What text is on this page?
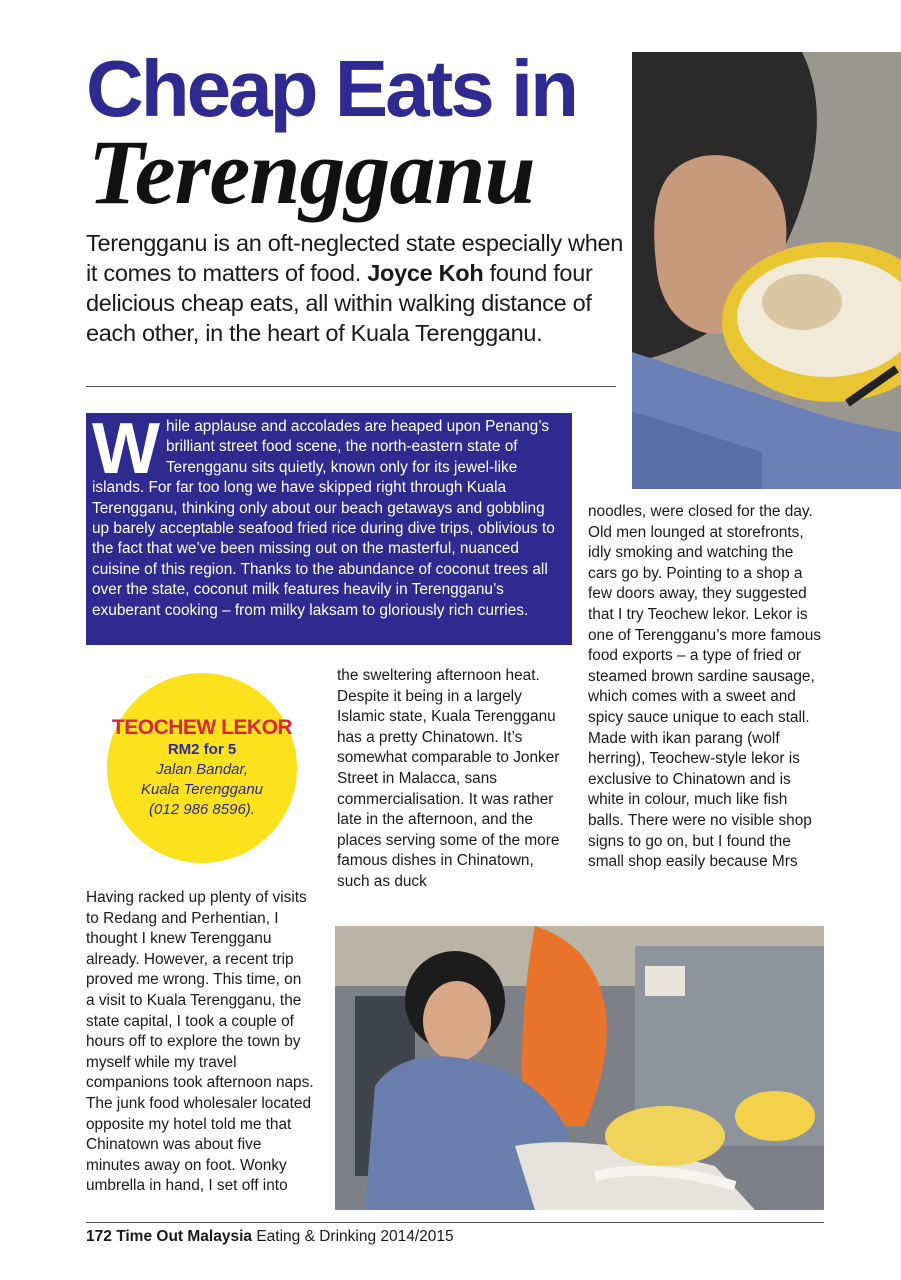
Cheap Eats in
Terengganu

Terengganu is an oft-neglected state especially when it comes to matters of food. Joyce Koh found four delicious cheap eats, all within walking distance of each other, in the heart of Kuala Terengganu.

W hile applause and accolades are heaped upon Penang’s brilliant street food scene, the north-eastern state of Terengganu sits quietly, known only for its jewel-like islands. For far too long we have skipped right through Kuala Terengganu, thinking only about our beach getaways and gobbling up barely acceptable seafood fried rice during dive trips, oblivious to the fact that we’ve been missing out on the masterful, nuanced cuisine of this region. Thanks to the abundance of coconut trees all over the state, coconut milk features heavily in Terengganu’s exuberant cooking – from milky laksam to gloriously rich curries.
TEOCHEW LEKOR
RM2 for 5
Jalan Bandar,
Kuala Terengganu
(012 986 8596).

Having racked up plenty of visits to Redang and Perhentian, I thought I knew Terengganu already. However, a recent trip proved me wrong. This time, on a visit to Kuala Terengganu, the state capital, I took a couple of hours off to explore the town by myself while my travel companions took afternoon naps. The junk food wholesaler located opposite my hotel told me that Chinatown was about five minutes away on foot. Wonky umbrella in hand, I set off into

the sweltering afternoon heat. Despite it being in a largely Islamic state, Kuala Terengganu has a pretty Chinatown. It’s somewhat comparable to Jonker Street in Malacca, sans commercialisation. It was rather late in the afternoon, and the places serving some of the more famous dishes in Chinatown, such as duck

noodles, were closed for the day. Old men lounged at storefronts, idly smoking and watching the cars go by. Pointing to a shop a few doors away, they suggested that I try Teochew lekor. Lekor is one of Terengganu’s more famous food exports – a type of fried or steamed brown sardine sausage, which comes with a sweet and spicy sauce unique to each stall. Made with ikan parang (wolf herring), Teochew-style lekor is exclusive to Chinatown and is white in colour, much like fish balls. There were no visible shop signs to go on, but I found the small shop easily because Mrs

172 Time Out Malaysia Eating & Drinking 2014/2015
